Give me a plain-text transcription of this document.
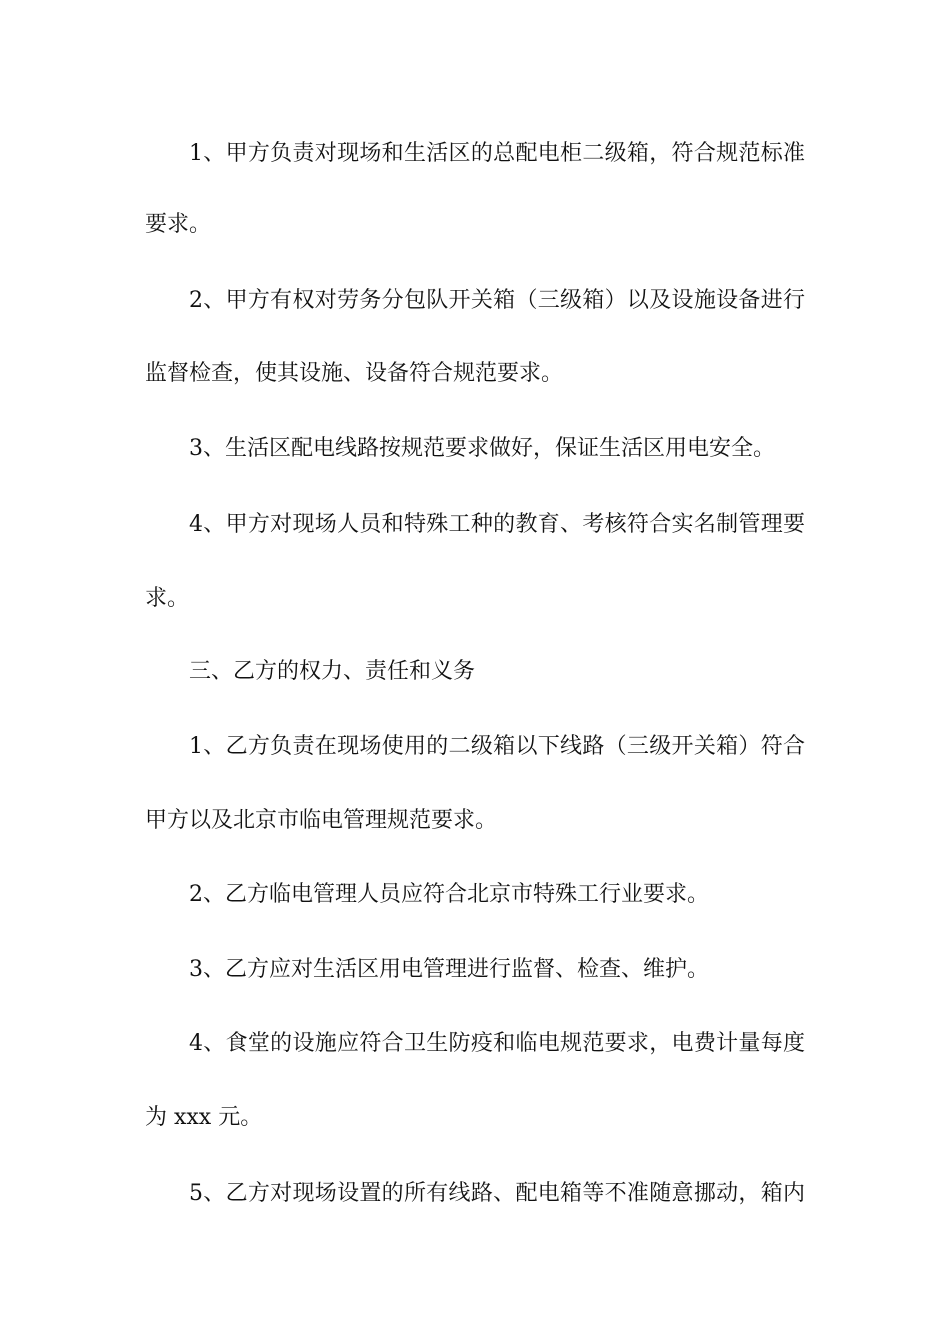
1、甲方负责对现场和生活区的总配电柜二级箱，符合规范标准
要求。
2、甲方有权对劳务分包队开关箱（三级箱）以及设施设备进行
监督检查，使其设施、设备符合规范要求。
3、生活区配电线路按规范要求做好，保证生活区用电安全。
4、甲方对现场人员和特殊工种的教育、考核符合实名制管理要
求。
三、乙方的权力、责任和义务
1、乙方负责在现场使用的二级箱以下线路（三级开关箱）符合
甲方以及北京市临电管理规范要求。
2、乙方临电管理人员应符合北京市特殊工行业要求。
3、乙方应对生活区用电管理进行监督、检查、维护。
4、食堂的设施应符合卫生防疫和临电规范要求，电费计量每度
为 xxx 元。
5、乙方对现场设置的所有线路、配电箱等不准随意挪动，箱内
